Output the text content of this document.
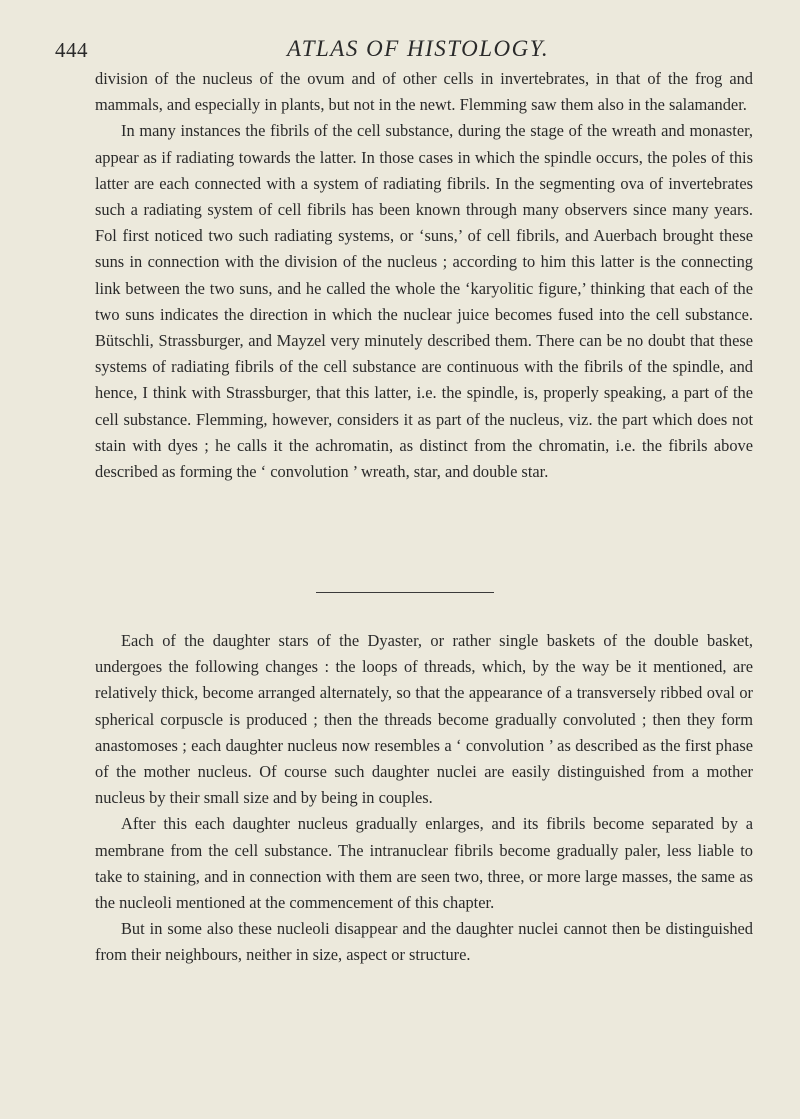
444	ATLAS OF HISTOLOGY.

division of the nucleus of the ovum and of other cells in invertebrates, in that of the frog and mammals, and especially in plants, but not in the newt. Flemming saw them also in the salamander.

In many instances the fibrils of the cell substance, during the stage of the wreath and monaster, appear as if radiating towards the latter. In those cases in which the spindle occurs, the poles of this latter are each connected with a system of radiating fibrils. In the segmenting ova of invertebrates such a radiating system of cell fibrils has been known through many observers since many years. Fol first noticed two such radiating systems, or ‘suns,’ of cell fibrils, and Auerbach brought these suns in connection with the division of the nucleus ; according to him this latter is the connecting link between the two suns, and he called the whole the ‘karyolitic figure,’ thinking that each of the two suns indicates the direction in which the nuclear juice becomes fused into the cell substance. Bütschli, Strassburger, and Mayzel very minutely described them. There can be no doubt that these systems of radiating fibrils of the cell substance are continuous with the fibrils of the spindle, and hence, I think with Strassburger, that this latter, i.e. the spindle, is, properly speaking, a part of the cell substance. Flemming, however, considers it as part of the nucleus, viz. the part which does not stain with dyes ; he calls it the achromatin, as distinct from the chromatin, i.e. the fibrils above described as forming the ‘ convolution ’ wreath, star, and double star.

Each of the daughter stars of the Dyaster, or rather single baskets of the double basket, undergoes the following changes : the loops of threads, which, by the way be it mentioned, are relatively thick, become arranged alternately, so that the appearance of a transversely ribbed oval or spherical corpuscle is produced ; then the threads become gradually convoluted ; then they form anastomoses ; each daughter nucleus now resembles a ‘ convolution ’ as described as the first phase of the mother nucleus. Of course such daughter nuclei are easily distinguished from a mother nucleus by their small size and by being in couples.

After this each daughter nucleus gradually enlarges, and its fibrils become separated by a membrane from the cell substance. The intranuclear fibrils become gradually paler, less liable to take to staining, and in connection with them are seen two, three, or more large masses, the same as the nucleoli mentioned at the commencement of this chapter.

But in some also these nucleoli disappear and the daughter nuclei cannot then be distinguished from their neighbours, neither in size, aspect or structure.
